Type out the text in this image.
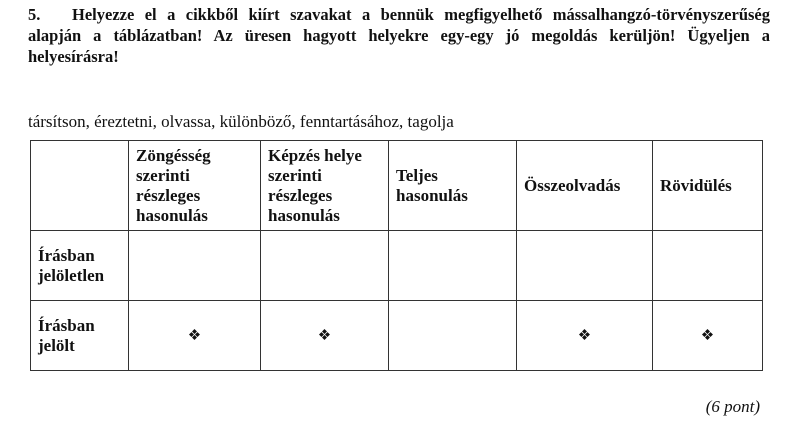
5. Helyezze el a cikkből kiírt szavakat a bennük megfigyelhető mássalhangzó-törvényszerűség alapján a táblázatban! Az üresen hagyott helyekre egy-egy jó megoldás kerüljön! Ügyeljen a helyesírásra!
társítson, éreztetni, olvassa, különböző, fenntartásához, tagolja
	Zöngésség szerinti részleges hasonulás	Képzés helye szerinti részleges hasonulás	Teljes hasonulás	Összeolvadás	Rövidülés
Írásban jelöletlen					
Írásban jelölt	❖	❖		❖	❖
(6 pont)
